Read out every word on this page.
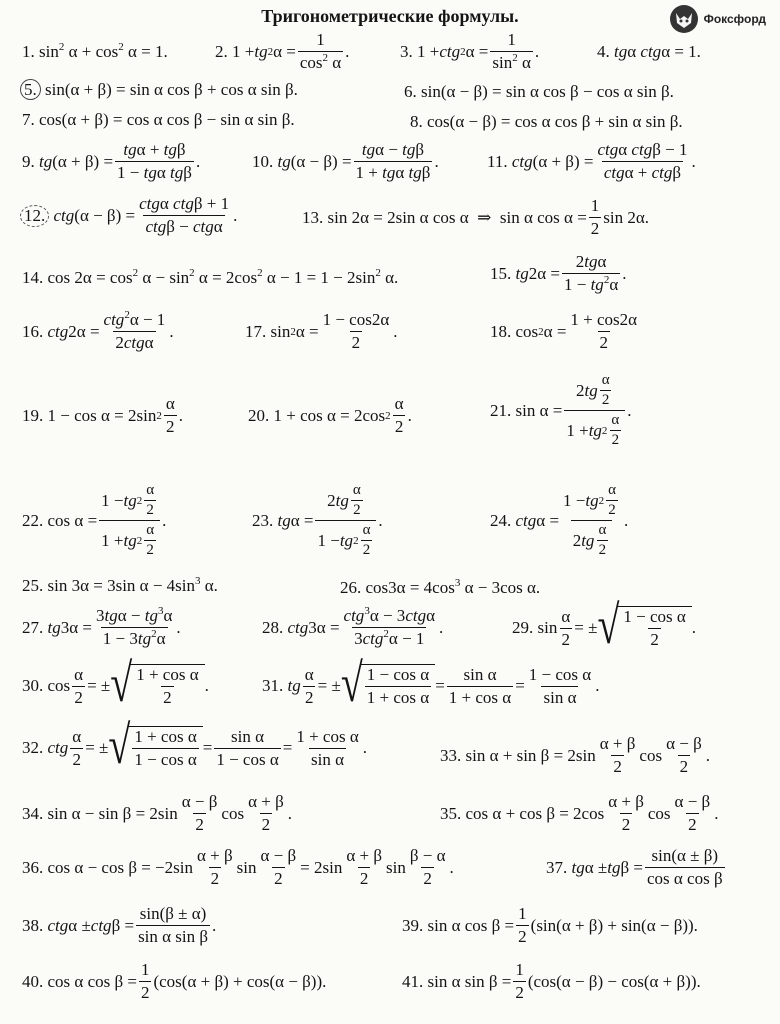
Тригонометрические формулы.	Фоксфорд
1. $\sin^2 \alpha + \cos^2 \alpha = 1$.	2. 1 + tg 2 α =
1
$\cos^2 \alpha$
.	3. 1 + ctg 2 α =
1
$\sin^2 \alpha$
.	4. tgα ctgα = 1.
5. sin(α + β) = sin α cos β + cos α sin β.	6. sin(α − β) = sin α cos β − cos α sin β.
7. cos(α + β) = cos α cos β − sin α sin β.	8. cos(α − β) = cos α cos β + sin α sin β.
9. tg (α + β) =
tgα + tgβ
1 − tgα tgβ
.	10. tg (α − β) =
tgα − tgβ
1 + tgα tgβ
.	11. ctg (α + β) =
ctgα ctgβ − 1
ctgα + ctgβ
.
12.
ctg (α − β) =
ctgα ctgβ + 1
ctgβ − ctgα
.	13. sin 2α = 2sin α cos α  ⇒  sin α cos α =
1
2
sin 2α.
14. $\cos 2\alpha = \cos^2 \alpha - \sin^2 \alpha = 2\cos^2$ $\alpha - 1 = 1 - 2\sin^2$ α.	15. tg 2α =
2tgα
$1 - tg^2\alpha$
.
16. ctg 2α =
ctg$^2$α − 1
2ctgα
.	17. sin 2 α =
1 − cos2α
2
.	18. cos 2 α =
1 + cos2α
2
19. 1 − cos α = 2sin 2
α
2
.	20. 1 + cos α = 2cos 2
α
2
.	21. sin α =
2 tg
α
2
1 + tg 2
α
2
.
22. cos α =
1 − tg 2
α
2
1 + tg 2
α
2
.	23. tg α =
2 tg
α
2
1 − tg 2
α
2
.	24. ctg α =
1 − tg 2
α
2
2 tg
α
2
.
25. sin 3α = 3sin $\alpha - 4\sin^3$ α.	26. $\cos 3\alpha = 4\cos^3$ α − 3cos α.
27. tg 3α =
$3tg\alpha - tg^3\alpha$
$1 - 3tg^2\alpha$
.	28. ctg 3α =
ctg$^3$α − 3ctgα
3ctg$^2$α − 1
.	29. sin
α
2
= ± √ 1 − cos α
2
.
30. cos
α
2
= ± √ 1 + cos α
2
.	31. tg
α
2
= ± √ 1 − cos α
1 + cos α
=
sin α
1 + cos α
=
1 − cos α
sin α
.
32. ctg
α
2
= ± √ 1 + cos α
1 − cos α
=
sin α
1 − cos α
=
1 + cos α
sin α
.	33. sin α + sin β = 2sin
α + β
2
cos
α − β
2
.
34. sin α − sin β = 2sin
α − β
2
cos
α + β
2
.	35. cos α + cos β = 2cos
α + β
2
cos
α − β
2
.
36. cos α − cos β = −2sin
α + β
2
sin
α − β
2
= 2sin
α + β
2
sin
β − α
2
.	37. tg α ± tg β =
sin(α ± β)
cos α cos β
38. ctg α ± ctg β =
sin(β ± α)
sin α sin β
.	39. sin α cos β =
1
2
(sin(α + β) + sin(α − β)).
40. cos α cos β =
1
2
(cos(α + β) + cos(α − β)).	41. sin α sin β =
1
2
(cos(α − β) − cos(α + β)).
